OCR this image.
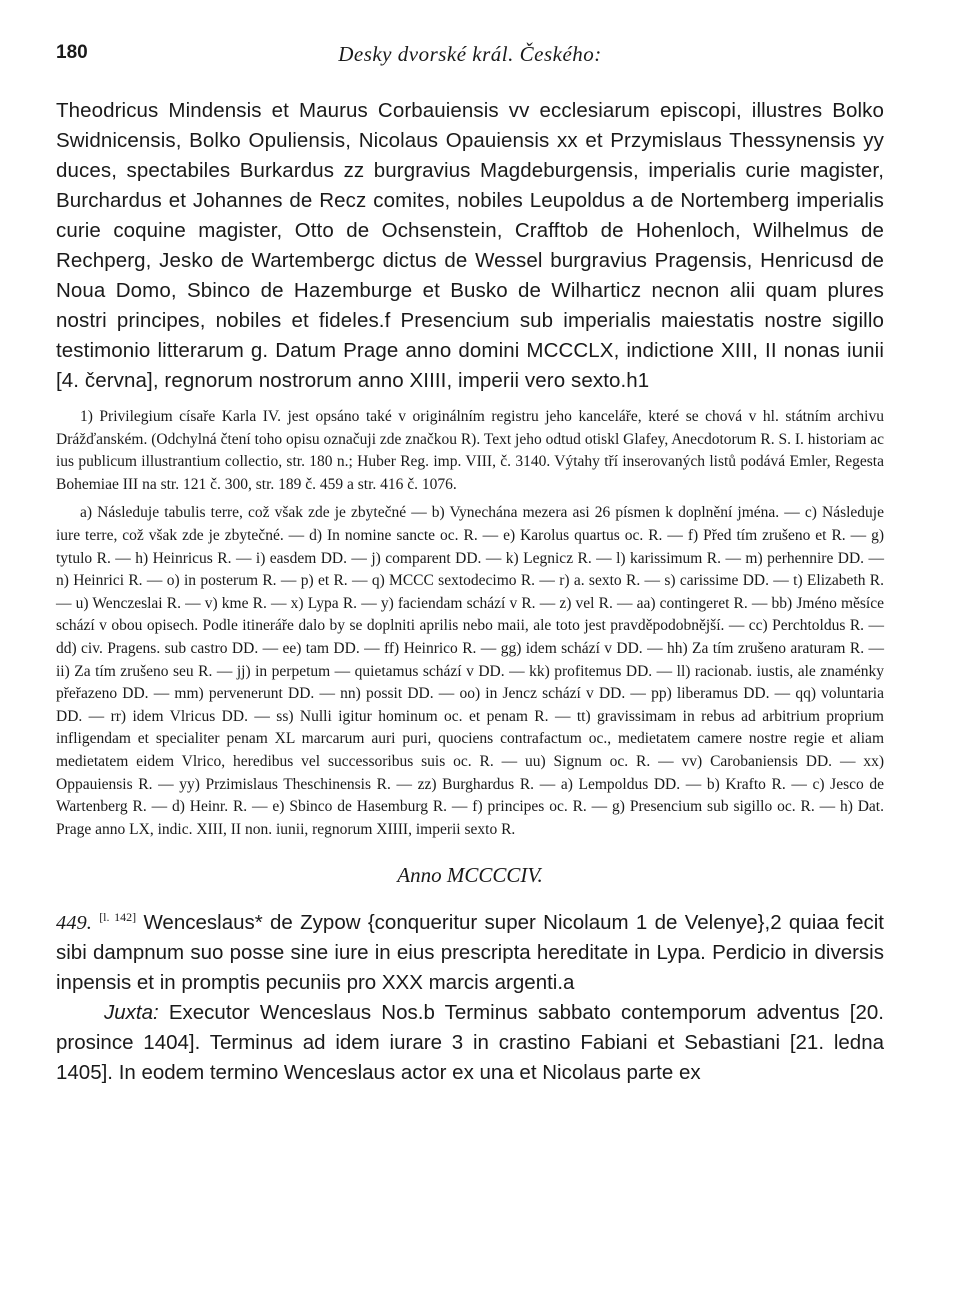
180	Desky dvorské král. Českého:

Theodricus Mindensis et Maurus Corbauiensis vv ecclesiarum episcopi, illustres Bolko Swidnicensis, Bolko Opuliensis, Nicolaus Opauiensis xx et Przymislaus Thessynensis yy duces, spectabiles Burkardus zz burgravius Magdeburgensis, imperialis curie magister, Burchardus et Johannes de Recz comites, nobiles Leupoldus a de Nortemberg imperialis curie coquine magister, Otto de Ochsenstein, Crafftob de Hohenloch, Wilhelmus de Rechperg, Jesko de Wartembergc dictus de Wessel burgravius Pragensis, Henricusd de Noua Domo, Sbinco de Hazemburge et Busko de Wilharticz necnon alii quam plures nostri principes, nobiles et fideles.f Presencium sub imperialis maiestatis nostre sigillo testimonio litterarum g. Datum Prage anno domini MCCCLX, indictione XIII, II nonas iunii [4. června], regnorum nostrorum anno XIIII, imperii vero sexto.h1

1) Privilegium císaře Karla IV. jest opsáno také v originálním registru jeho kanceláře, které se chová v hl. státním archivu Drážďanském. (Odchylná čtení toho opisu označuji zde značkou R). Text jeho odtud otiskl Glafey, Anecdotorum R. S. I. historiam ac ius publicum illustrantium collectio, str. 180 n.; Huber Reg. imp. VIII, č. 3140. Výtahy tří inserovaných listů podává Emler, Regesta Bohemiae III na str. 121 č. 300, str. 189 č. 459 a str. 416 č. 1076.

a) Následuje tabulis terre, což však zde je zbytečné — b) Vynechána mezera asi 26 písmen k doplnění jména. — c) Následuje iure terre, což však zde je zbytečné. — d) In nomine sancte oc. R. — e) Karolus quartus oc. R. — f) Před tím zrušeno et R. — g) tytulo R. — h) Heinricus R. — i) easdem DD. — j) comparent DD. — k) Legnicz R. — l) karissimum R. — m) perhennire DD. — n) Heinrici R. — o) in posterum R. — p) et R. — q) MCCC sextodecimo R. — r) a. sexto R. — s) carissime DD. — t) Elizabeth R. — u) Wenczeslai R. — v) kme R. — x) Lypa R. — y) faciendam schází v R. — z) vel R. — aa) contingeret R. — bb) Jméno měsíce schází v obou opisech. Podle itineráře dalo by se doplniti aprilis nebo maii, ale toto jest pravděpodobnější. — cc) Perchtoldus R. — dd) civ. Pragens. sub castro DD. — ee) tam DD. — ff) Heinrico R. — gg) idem schází v DD. — hh) Za tím zrušeno araturam R. — ii) Za tím zrušeno seu R. — jj) in perpetum — quietamus schází v DD. — kk) profitemus DD. — ll) racionab. iustis, ale znaménky přeřazeno DD. — mm) pervenerunt DD. — nn) possit DD. — oo) in Jencz schází v DD. — pp) liberamus DD. — qq) voluntaria DD. — rr) idem Vlricus DD. — ss) Nulli igitur hominum oc. et penam R. — tt) gravissimam in rebus ad arbitrium proprium infligendam et specialiter penam XL marcarum auri puri, quociens contrafactum oc., medietatem camere nostre regie et aliam medietatem eidem Vlrico, heredibus vel successoribus suis oc. R. — uu) Signum oc. R. — vv) Carobaniensis DD. — xx) Oppauiensis R. — yy) Przimislaus Theschinensis R. — zz) Burghardus R. — a) Lempoldus DD. — b) Krafto R. — c) Jesco de Wartenberg R. — d) Heinr. R. — e) Sbinco de Hasemburg R. — f) principes oc. R. — g) Presencium sub sigillo oc. R. — h) Dat. Prage anno LX, indic. XIII, II non. iunii, regnorum XIIII, imperii sexto R.

Anno MCCCCIV.

449. [l. 142] Wenceslaus* de Zypow {conqueritur super Nicolaum 1 de Velenye},2 quiaa fecit sibi dampnum suo posse sine iure in eius prescripta hereditate in Lypa. Perdicio in diversis inpensis et in promptis pecuniis pro XXX marcis argenti.a

Juxta: Executor Wenceslaus Nos.b Terminus sabbato contemporum adventus [20. prosince 1404]. Terminus ad idem iurare 3 in crastino Fabiani et Sebastiani [21. ledna 1405]. In eodem termino Wenceslaus actor ex una et Nicolaus parte ex
